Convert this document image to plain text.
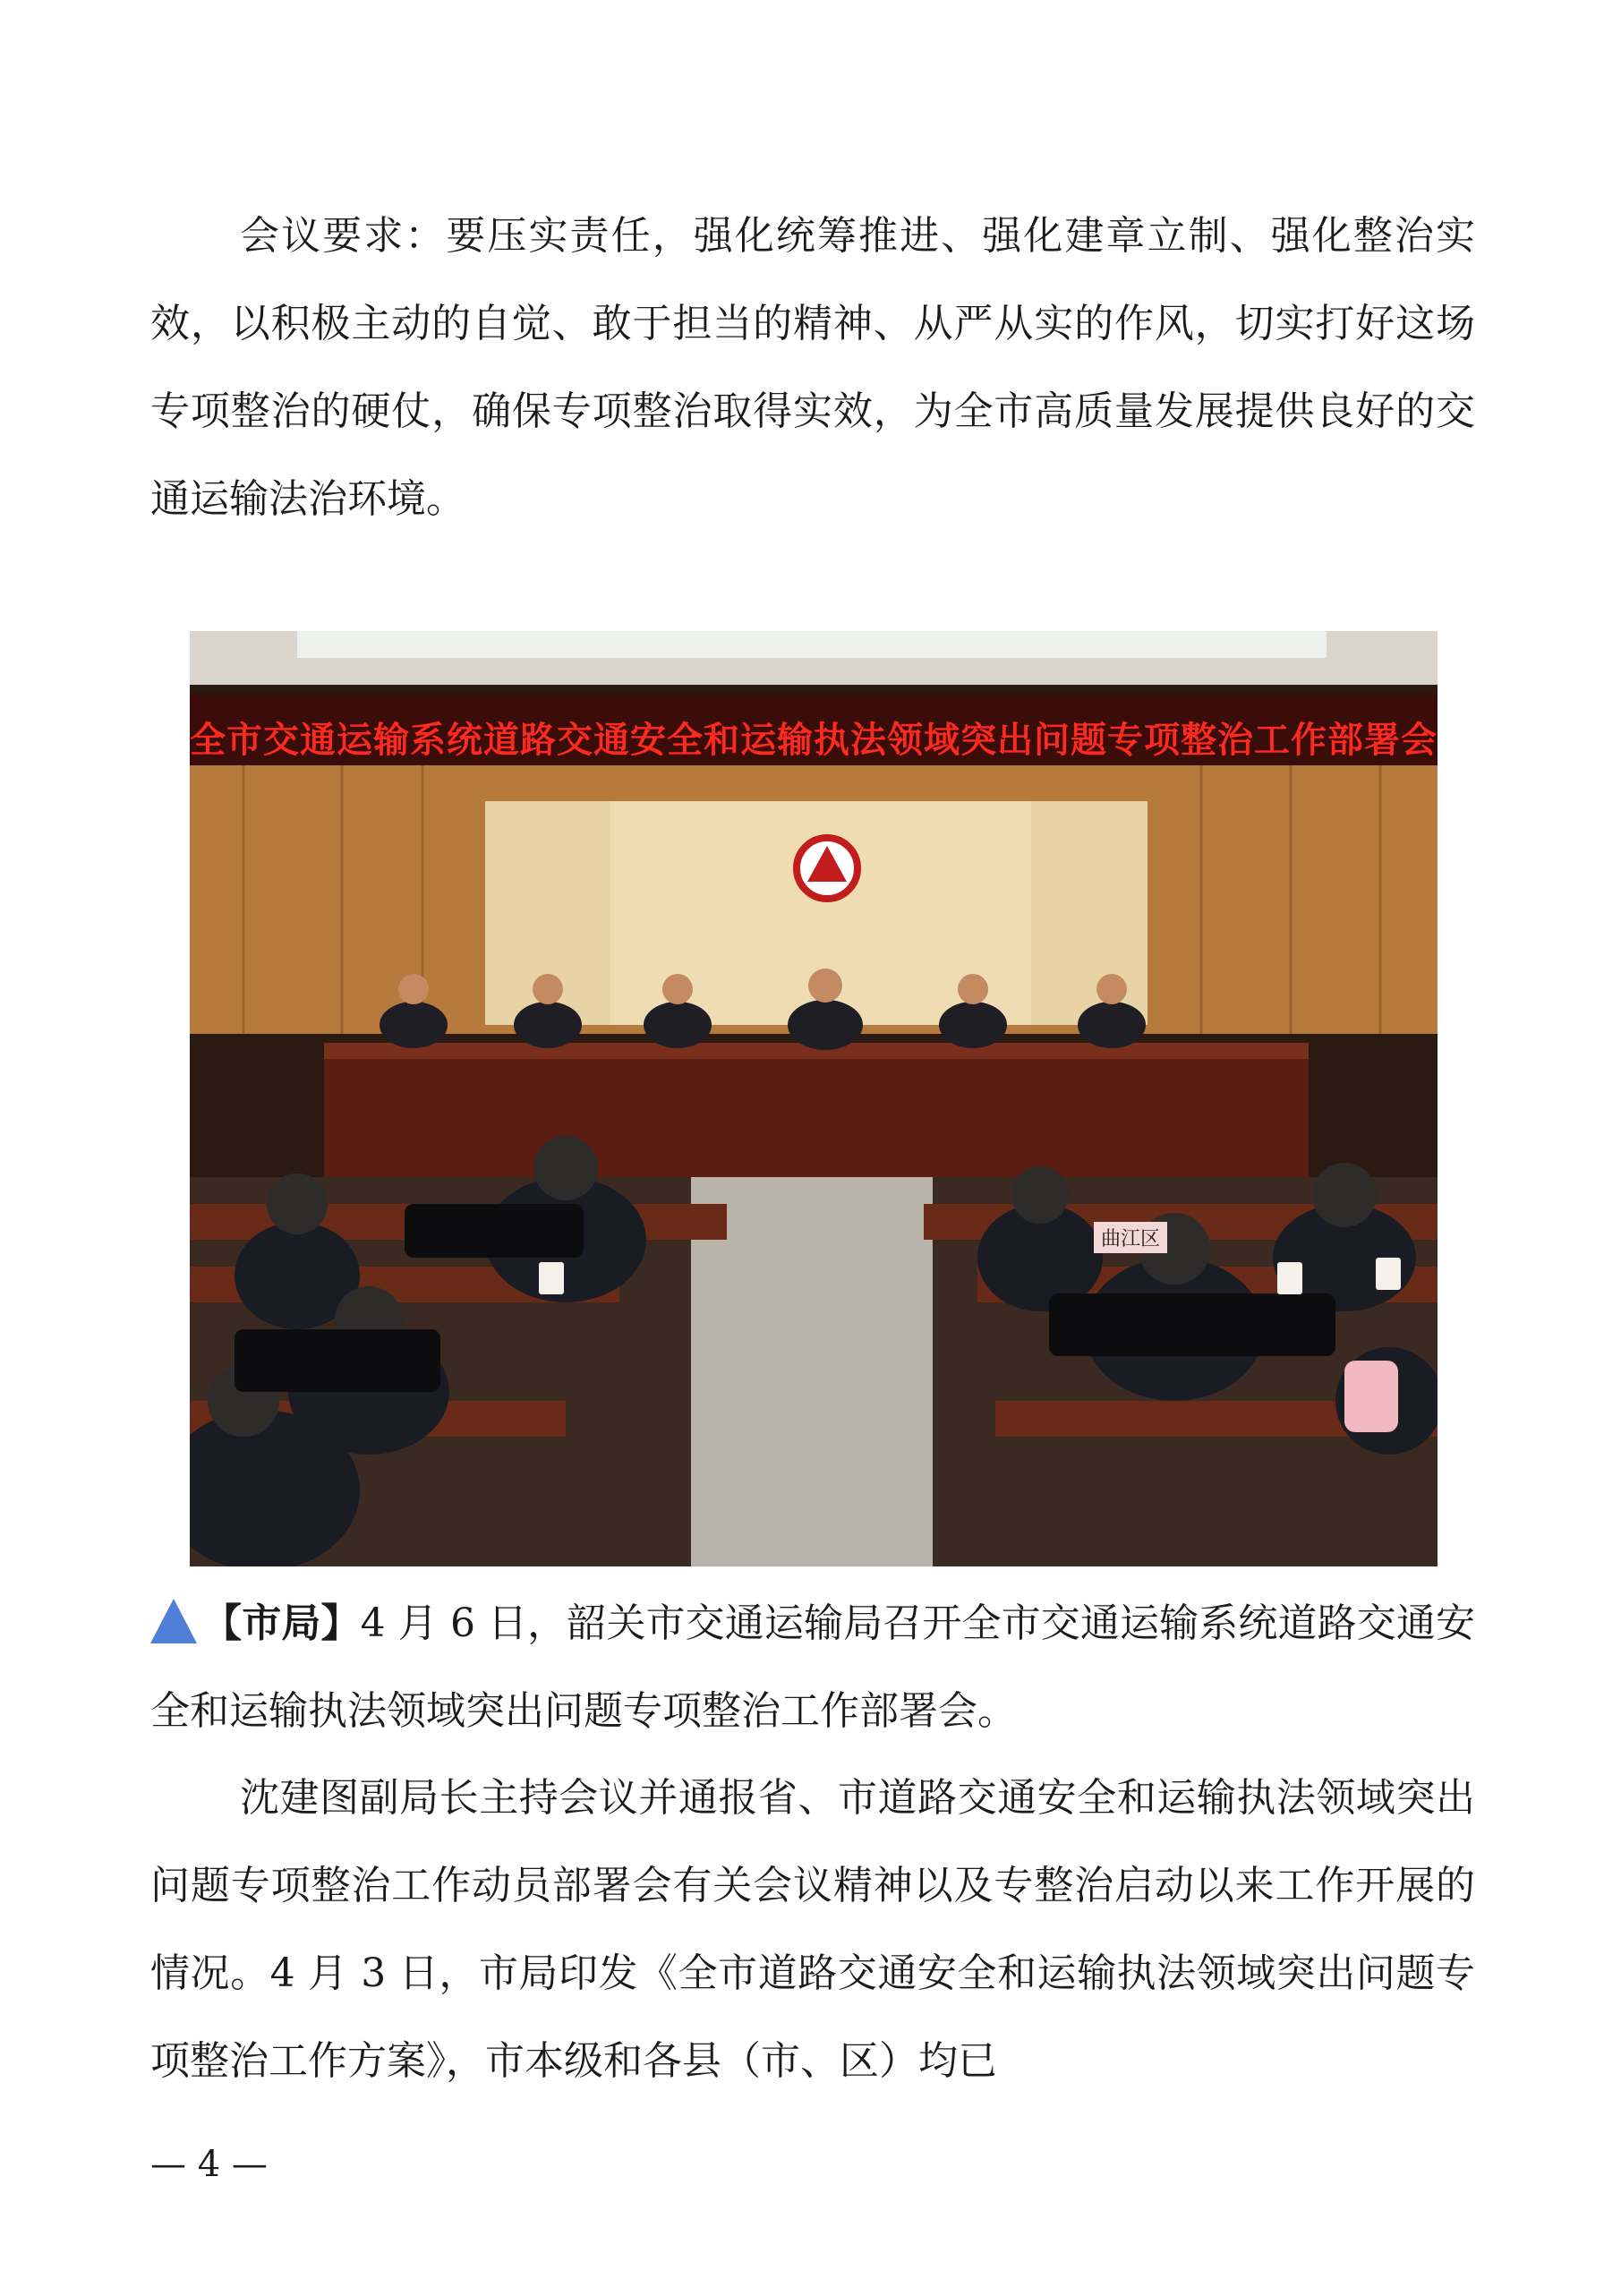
会议要求：要压实责任，强化统筹推进、强化建章立制、强化整治实效，以积极主动的自觉、敢于担当的精神、从严从实的作风，切实打好这场专项整治的硬仗，确保专项整治取得实效，为全市高质量发展提供良好的交通运输法治环境。

全市交通运输系统道路交通安全和运输执法领域突出问题专项整治工作部署会
曲江区

【市局】4 月 6 日，韶关市交通运输局召开全市交通运输系统道路交通安全和运输执法领域突出问题专项整治工作部署会。

沈建图副局长主持会议并通报省、市道路交通安全和运输执法领域突出问题专项整治工作动员部署会有关会议精神以及专整治启动以来工作开展的情况。4 月 3 日，市局印发《全市道路交通安全和运输执法领域突出问题专项整治工作方案》，市本级和各县（市、区）均已

— 4 —
